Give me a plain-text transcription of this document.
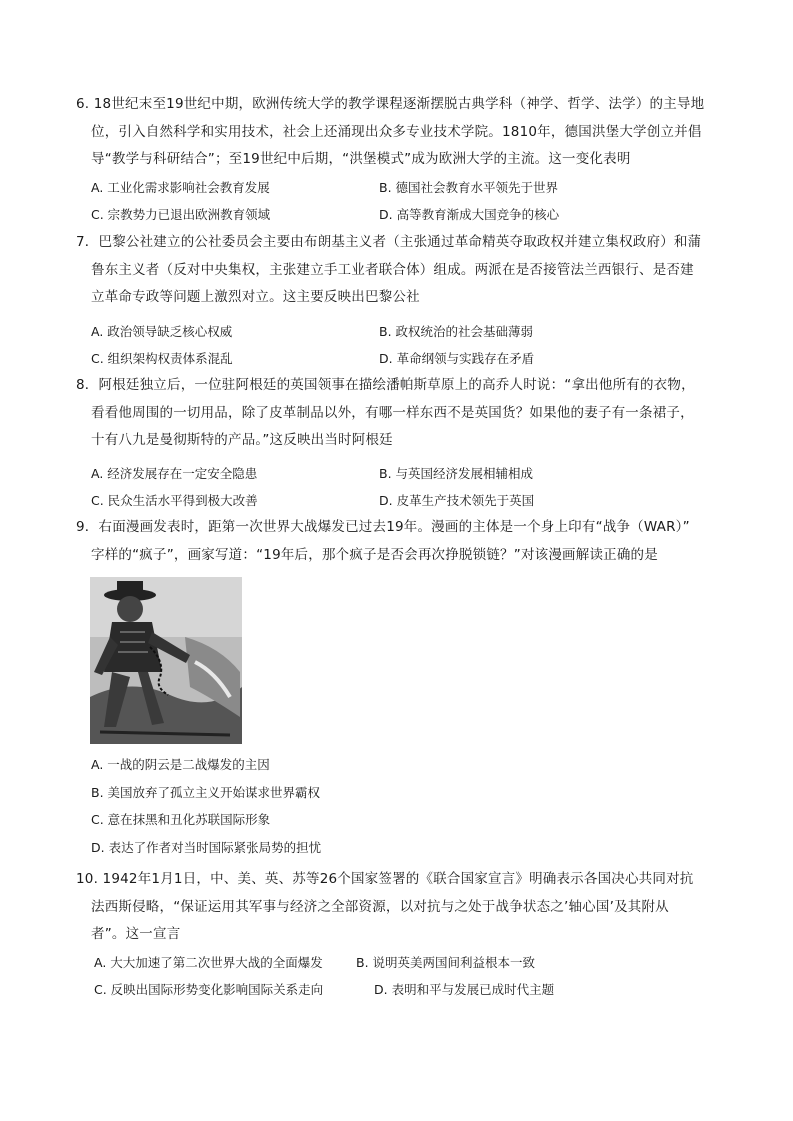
6. 18世纪末至19世纪中期，欧洲传统大学的教学课程逐渐摆脱古典学科（神学、哲学、法学）的主导地
位，引入自然科学和实用技术，社会上还涌现出众多专业技术学院。1810年，德国洪堡大学创立并倡
导“教学与科研结合”；至19世纪中后期，“洪堡模式”成为欧洲大学的主流。这一变化表明
A. 工业化需求影响社会教育发展	B. 德国社会教育水平领先于世界
C. 宗教势力已退出欧洲教育领域	D. 高等教育渐成大国竞争的核心
7．巴黎公社建立的公社委员会主要由布朗基主义者（主张通过革命精英夺取政权并建立集权政府）和蒲
鲁东主义者（反对中央集权，主张建立手工业者联合体）组成。两派在是否接管法兰西银行、是否建
立革命专政等问题上激烈对立。这主要反映出巴黎公社
A. 政治领导缺乏核心权威	B. 政权统治的社会基础薄弱
C. 组织架构权责体系混乱	D. 革命纲领与实践存在矛盾
8．阿根廷独立后，一位驻阿根廷的英国领事在描绘潘帕斯草原上的高乔人时说：“拿出他所有的衣物，
看看他周围的一切用品，除了皮革制品以外，有哪一样东西不是英国货？如果他的妻子有一条裙子，
十有八九是曼彻斯特的产品。”这反映出当时阿根廷
A. 经济发展存在一定安全隐患	B. 与英国经济发展相辅相成
C. 民众生活水平得到极大改善	D. 皮革生产技术领先于英国
9．右面漫画发表时，距第一次世界大战爆发已过去19年。漫画的主体是一个身上印有“战争（WAR）”
字样的“疯子”，画家写道：“19年后，那个疯子是否会再次挣脱锁链？”对该漫画解读正确的是
A. 一战的阴云是二战爆发的主因
B. 美国放弃了孤立主义开始谋求世界霸权
C. 意在抹黑和丑化苏联国际形象
D. 表达了作者对当时国际紧张局势的担忧
10. 1942年1月1日，中、美、英、苏等26个国家签署的《联合国家宣言》明确表示各国决心共同对抗
法西斯侵略，“保证运用其军事与经济之全部资源，以对抗与之处于战争状态之’轴心国’及其附从
者”。这一宣言
A. 大大加速了第二次世界大战的全面爆发	B. 说明英美两国间利益根本一致
C. 反映出国际形势变化影响国际关系走向	D. 表明和平与发展已成时代主题
